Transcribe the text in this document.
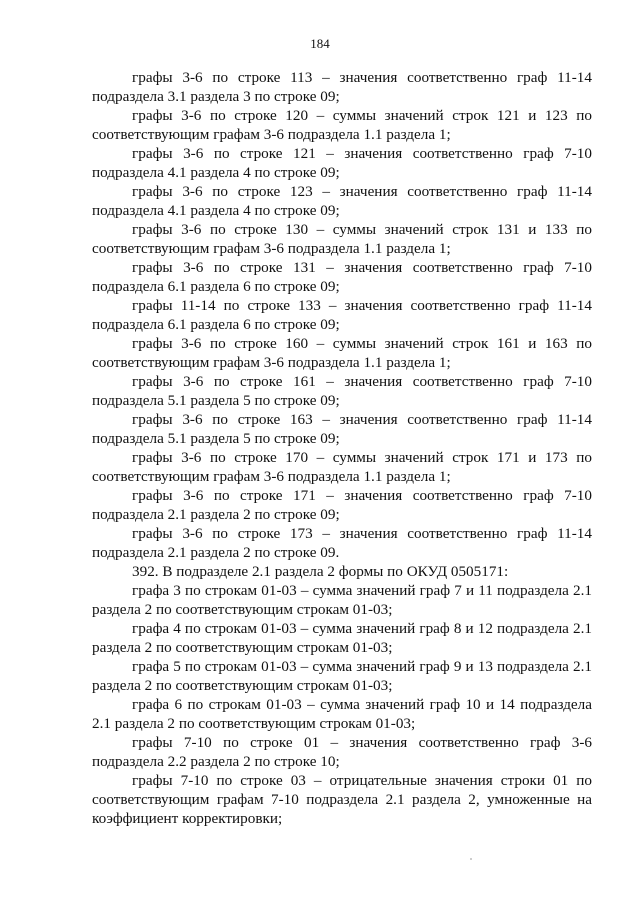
184

графы 3-6 по строке 113 – значения соответственно граф 11-14 подраздела 3.1 раздела 3 по строке 09;

графы 3-6 по строке 120 – суммы значений строк 121 и 123 по соответствующим графам 3-6 подраздела 1.1 раздела 1;

графы 3-6 по строке 121 – значения соответственно граф 7-10 подраздела 4.1 раздела 4 по строке 09;

графы 3-6 по строке 123 – значения соответственно граф 11-14 подраздела 4.1 раздела 4 по строке 09;

графы 3-6 по строке 130 – суммы значений строк 131 и 133 по соответствующим графам 3-6 подраздела 1.1 раздела 1;

графы 3-6 по строке 131 – значения соответственно граф 7-10 подраздела 6.1 раздела 6 по строке 09;

графы 11-14 по строке 133 – значения соответственно граф 11-14 подраздела 6.1 раздела 6 по строке 09;

графы 3-6 по строке 160 – суммы значений строк 161 и 163 по соответствующим графам 3-6 подраздела 1.1 раздела 1;

графы 3-6 по строке 161 – значения соответственно граф 7-10 подраздела 5.1 раздела 5 по строке 09;

графы 3-6 по строке 163 – значения соответственно граф 11-14 подраздела 5.1 раздела 5 по строке 09;

графы 3-6 по строке 170 – суммы значений строк 171 и 173 по соответствующим графам 3-6 подраздела 1.1 раздела 1;

графы 3-6 по строке 171 – значения соответственно граф 7-10 подраздела 2.1 раздела 2 по строке 09;

графы 3-6 по строке 173 – значения соответственно граф 11-14 подраздела 2.1 раздела 2 по строке 09.

392. В подразделе 2.1 раздела 2 формы по ОКУД 0505171:

графа 3 по строкам 01-03 – сумма значений граф 7 и 11 подраздела 2.1 раздела 2 по соответствующим строкам 01-03;

графа 4 по строкам 01-03 – сумма значений граф 8 и 12 подраздела 2.1 раздела 2 по соответствующим строкам 01-03;

графа 5 по строкам 01-03 – сумма значений граф 9 и 13 подраздела 2.1 раздела 2 по соответствующим строкам 01-03;

графа 6 по строкам 01-03 – сумма значений граф 10 и 14 подраздела 2.1 раздела 2 по соответствующим строкам 01-03;

графы 7-10 по строке 01 – значения соответственно граф 3-6 подраздела 2.2 раздела 2 по строке 10;

графы 7-10 по строке 03 – отрицательные значения строки 01 по соответствующим графам 7-10 подраздела 2.1 раздела 2, умноженные на коэффициент корректировки;
